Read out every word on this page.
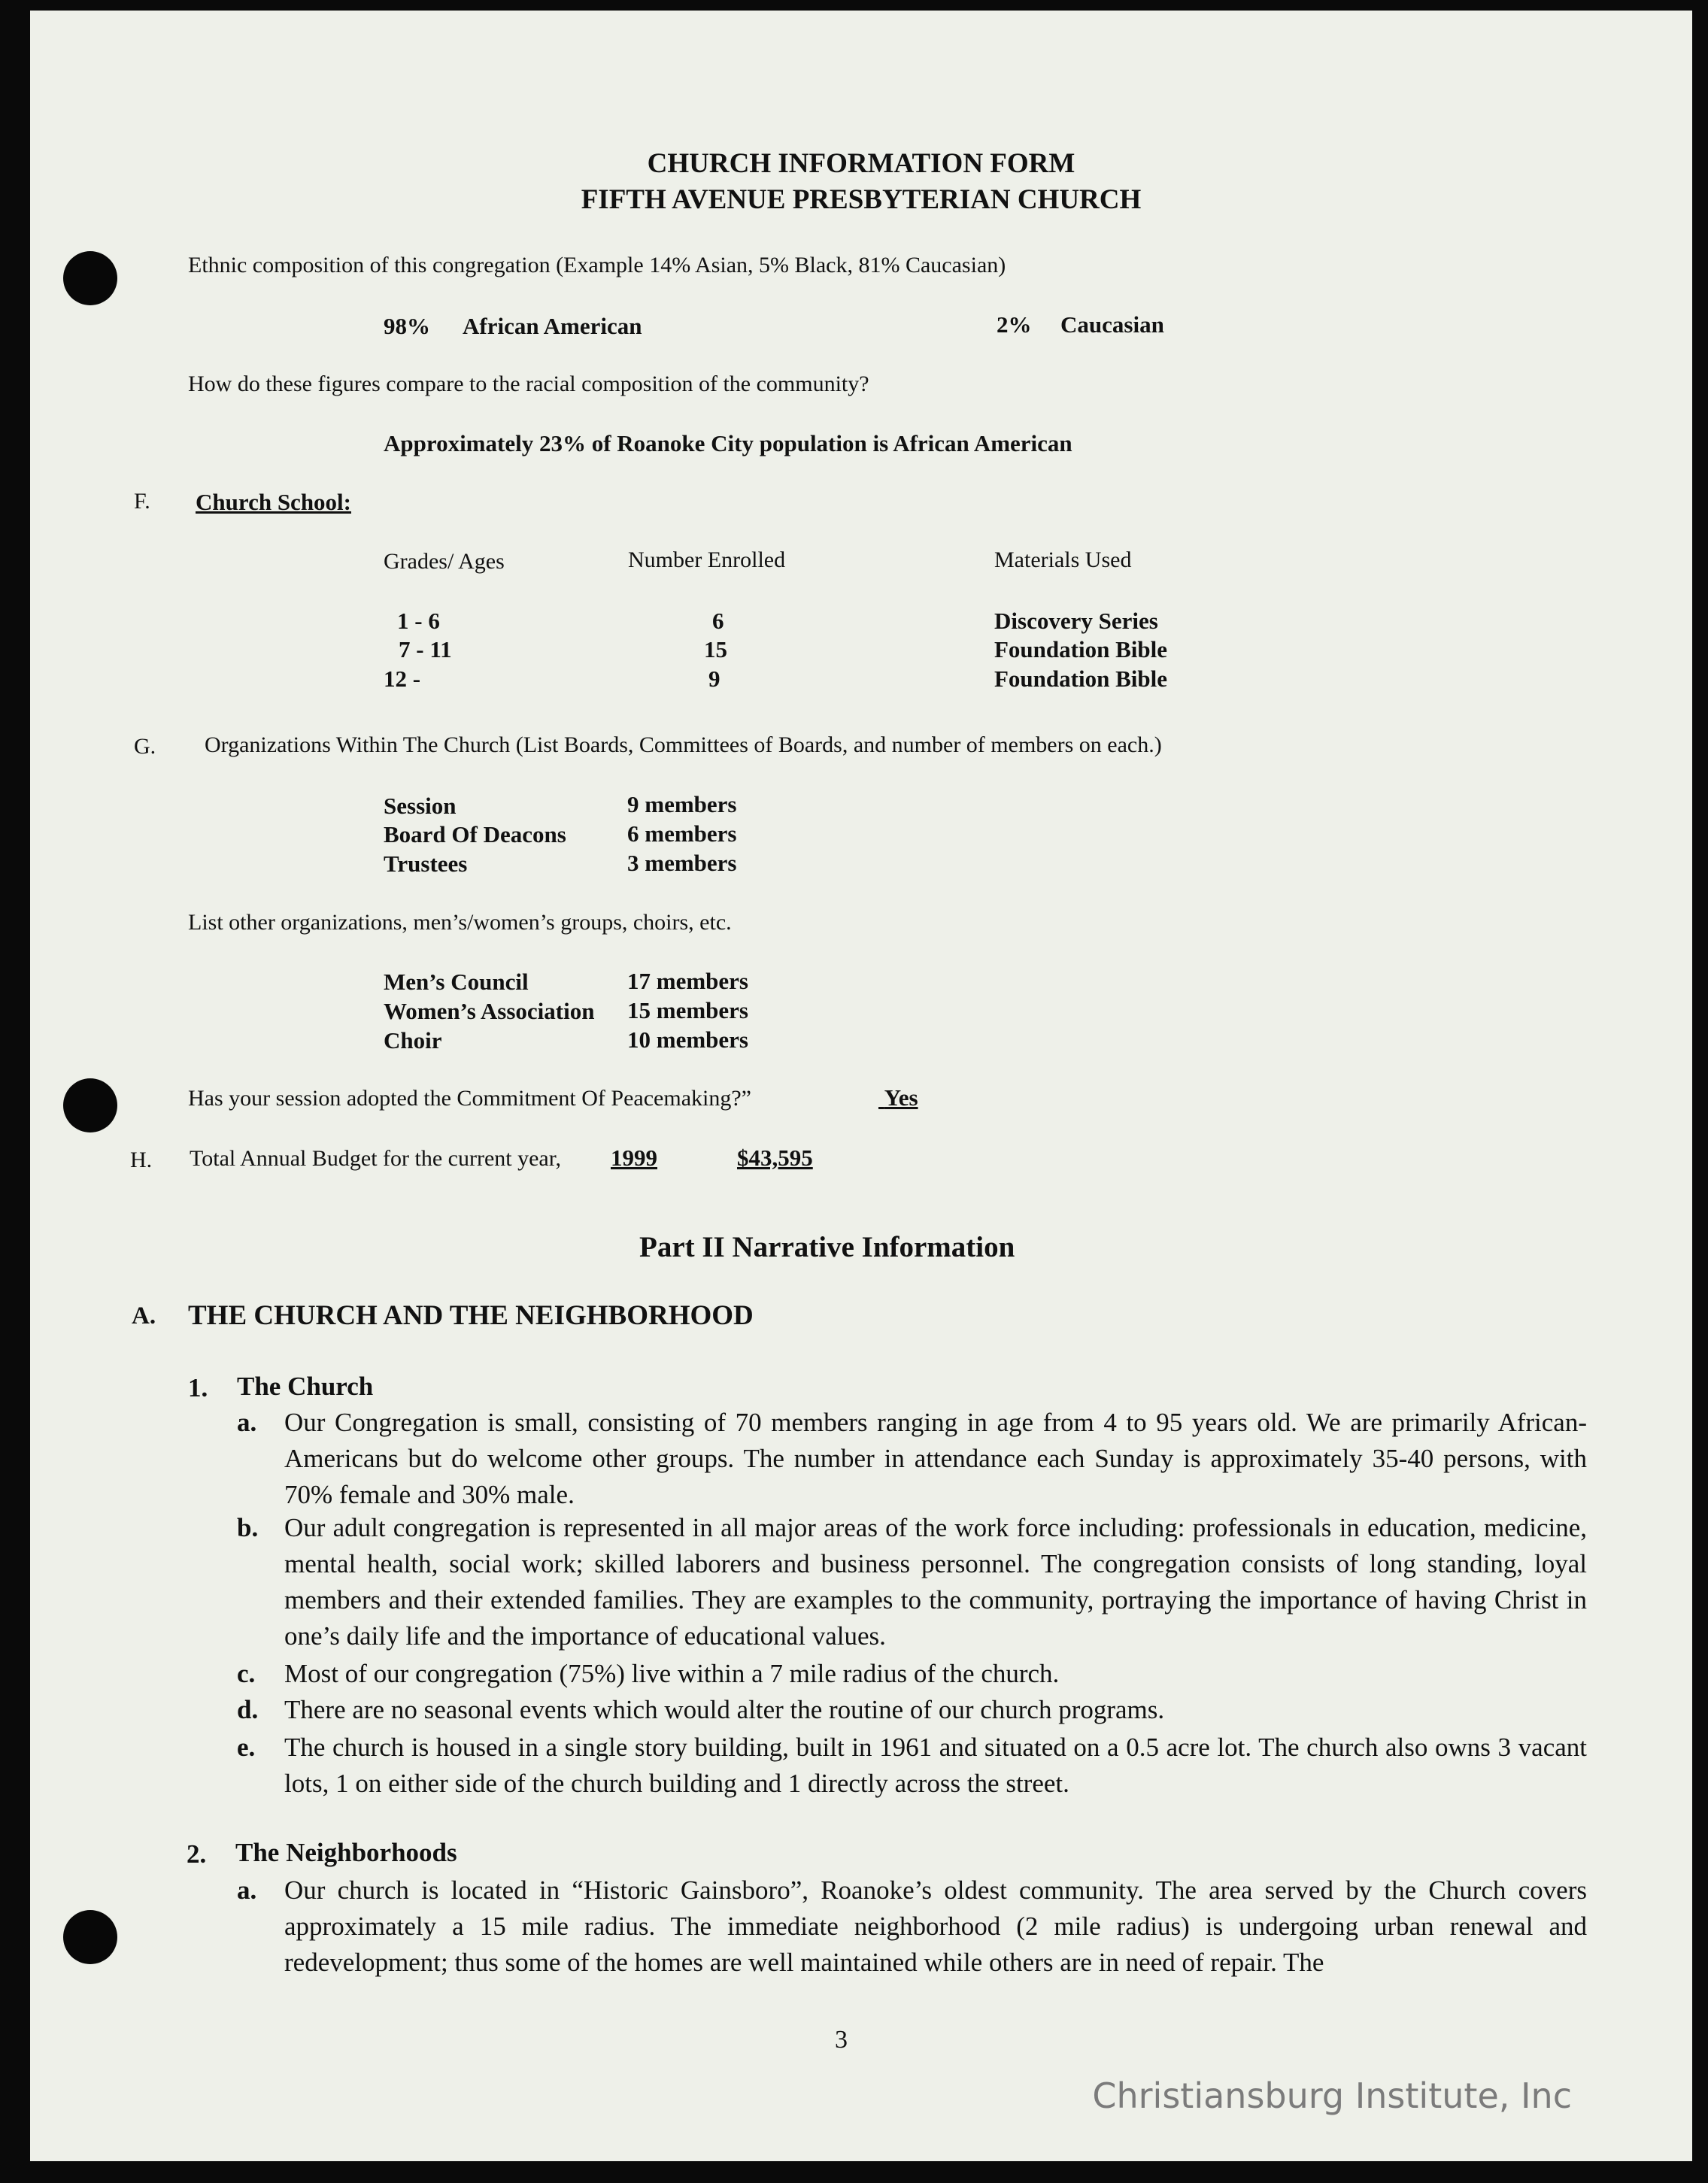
CHURCH INFORMATION FORM
FIFTH AVENUE PRESBYTERIAN CHURCH
Ethnic composition of this congregation (Example 14% Asian, 5% Black, 81% Caucasian)
98% African American	2% Caucasian
How do these figures compare to the racial composition of the community?
Approximately 23% of Roanoke City population is African American
F. Church School:
Grades/ Ages	Number Enrolled	Materials Used
1 - 6	6	Discovery Series
7 - 11	15	Foundation Bible
12 -	9	Foundation Bible
G. Organizations Within The Church (List Boards, Committees of Boards, and number of members on each.)
Session	9 members
Board Of Deacons	6 members
Trustees	3 members
List other organizations, men’s/women’s groups, choirs, etc.
Men’s Council	17 members
Women’s Association 15 members
Choir	10 members
Has your session adopted the Commitment Of Peacemaking?”	Yes
H. Total Annual Budget for the current year, 1999	$43,595
Part II Narrative Information
A. THE CHURCH AND THE NEIGHBORHOOD
1. The Church
a. Our Congregation is small, consisting of 70 members ranging in age from 4 to 95 years old. We are primarily African-Americans but do welcome other groups. The number in attendance each Sunday is approximately 35-40 persons, with 70% female and 30% male.
b. Our adult congregation is represented in all major areas of the work force including: professionals in education, medicine, mental health, social work; skilled laborers and business personnel. The congregation consists of long standing, loyal members and their extended families. They are examples to the community, portraying the importance of having Christ in one’s daily life and the importance of educational values.
c. Most of our congregation (75%) live within a 7 mile radius of the church.
d. There are no seasonal events which would alter the routine of our church programs.
e. The church is housed in a single story building, built in 1961 and situated on a 0.5 acre lot. The church also owns 3 vacant lots, 1 on either side of the church building and 1 directly across the street.
2. The Neighborhoods
a. Our church is located in “Historic Gainsboro”, Roanoke’s oldest community. The area served by the Church covers approximately a 15 mile radius. The immediate neighborhood (2 mile radius) is undergoing urban renewal and redevelopment; thus some of the homes are well maintained while others are in need of repair. The
3
Christiansburg Institute, Inc
